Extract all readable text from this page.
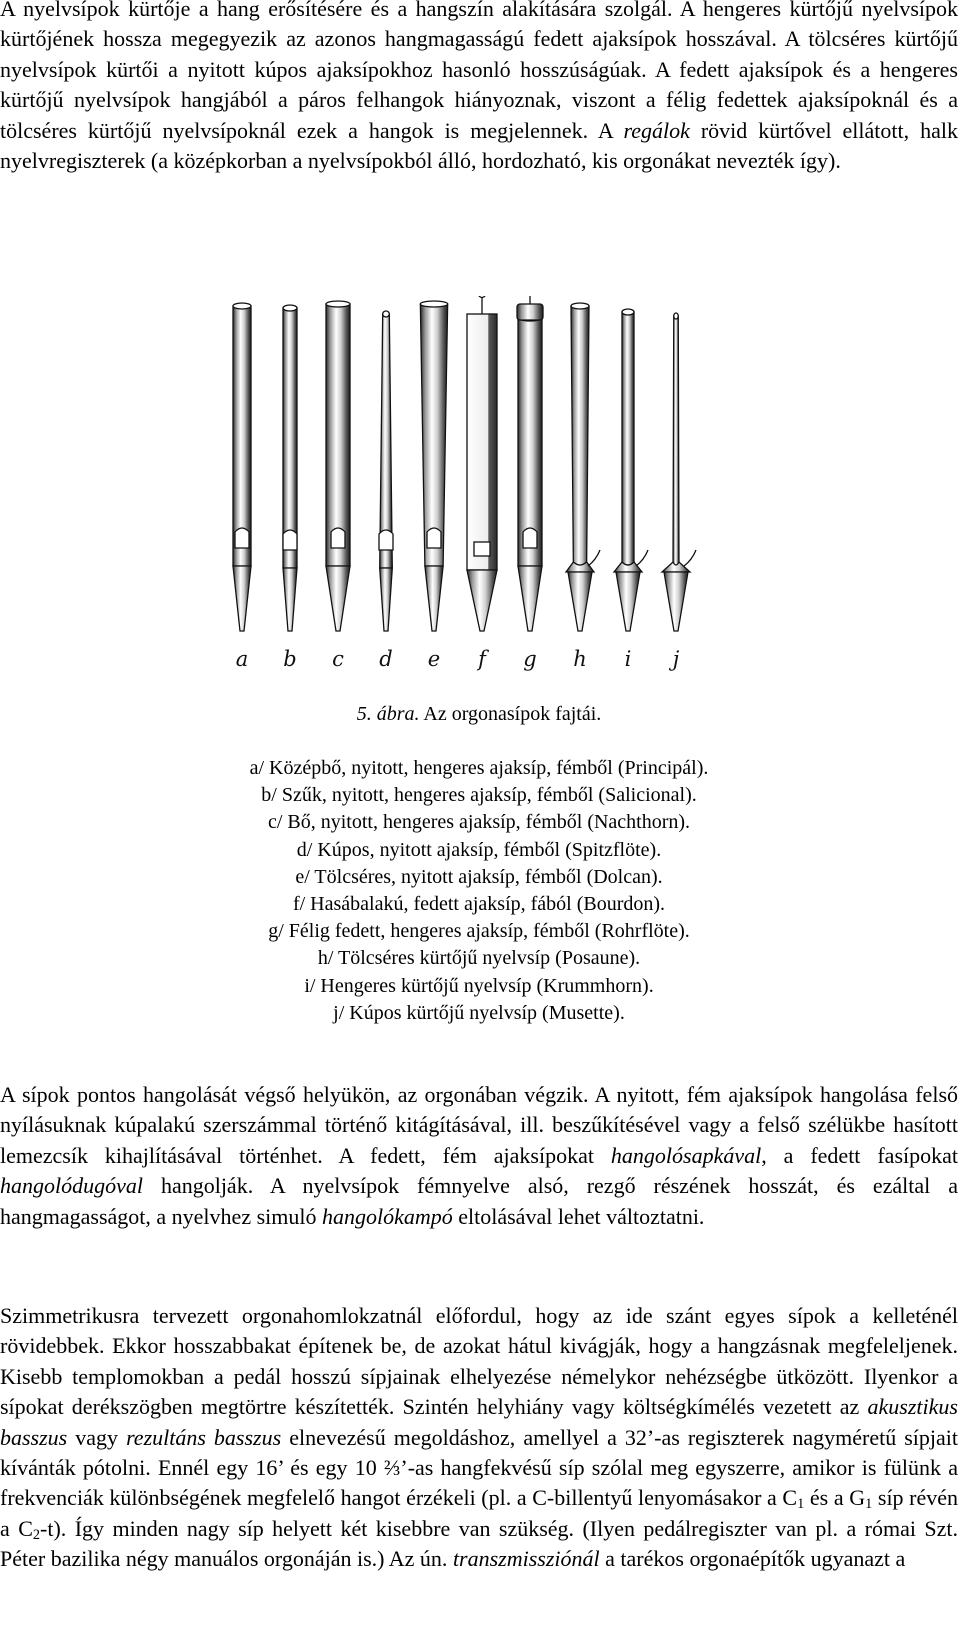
A nyelvsípok kürtője a hang erősítésére és a hangszín alakítására szolgál. A hengeres kürtőjű nyelvsípok kürtőjének hossza megegyezik az azonos hangmagasságú fedett ajaksípok hosszával. A tölcséres kürtőjű nyelvsípok kürtői a nyitott kúpos ajaksípokhoz hasonló hosszúságúak. A fedett ajaksípok és a hengeres kürtőjű nyelvsípok hangjából a páros felhangok hiányoznak, viszont a félig fedettek ajaksípoknál és a tölcséres kürtőjű nyelvsípoknál ezek a hangok is megjelennek. A regálok rövid kürtővel ellátott, halk nyelvregiszterek (a középkorban a nyelvsípokból álló, hordozható, kis orgonákat nevezték így).

a b c d e f g h i j
5. ábra. Az orgonasípok fajtái.
a/ Középbő, nyitott, hengeres ajaksíp, fémből (Principál).
b/ Szűk, nyitott, hengeres ajaksíp, fémből (Salicional).
c/ Bő, nyitott, hengeres ajaksíp, fémből (Nachthorn).
d/ Kúpos, nyitott ajaksíp, fémből (Spitzflöte).
e/ Tölcséres, nyitott ajaksíp, fémből (Dolcan).
f/ Hasábalakú, fedett ajaksíp, fából (Bourdon).
g/ Félig fedett, hengeres ajaksíp, fémből (Rohrflöte).
h/ Tölcséres kürtőjű nyelvsíp (Posaune).
i/ Hengeres kürtőjű nyelvsíp (Krummhorn).
j/ Kúpos kürtőjű nyelvsíp (Musette).

A sípok pontos hangolását végső helyükön, az orgonában végzik. A nyitott, fém ajaksípok hangolása felső nyílásuknak kúpalakú szerszámmal történő kitágításával, ill. beszűkítésével vagy a felső szélükbe hasított lemezcsík kihajlításával történhet. A fedett, fém ajaksípokat hangolósapkával, a fedett fasípokat hangolódugóval hangolják. A nyelvsípok fémnyelve alsó, rezgő részének hosszát, és ezáltal a hangmagasságot, a nyelvhez simuló hangolókampó eltolásával lehet változtatni.

Szimmetrikusra tervezett orgonahomlokzatnál előfordul, hogy az ide szánt egyes sípok a kelleténél rövidebbek. Ekkor hosszabbakat építenek be, de azokat hátul kivágják, hogy a hangzásnak megfeleljenek. Kisebb templomokban a pedál hosszú sípjainak elhelyezése némelykor nehézségbe ütközött. Ilyenkor a sípokat derékszögben megtörtre készítették. Szintén helyhiány vagy költségkímélés vezetett az akusztikus basszus vagy rezultáns basszus elnevezésű megoldáshoz, amellyel a 32’-as regiszterek nagyméretű sípjait kívánták pótolni. Ennél egy 16’ és egy 10 ⅔’-as hangfekvésű síp szólal meg egyszerre, amikor is fülünk a frekvenciák különbségének megfelelő hangot érzékeli (pl. a C-billentyű lenyomásakor a $C_1$ és a $G_1$ síp révén a $C_2-t$). Így minden nagy síp helyett két kisebbre van szükség. (Ilyen pedálregiszter van pl. a római Szt. Péter bazilika négy manuálos orgonáján is.) Az ún. transzmissziónál a tarékos orgonaépítők ugyanazt a
